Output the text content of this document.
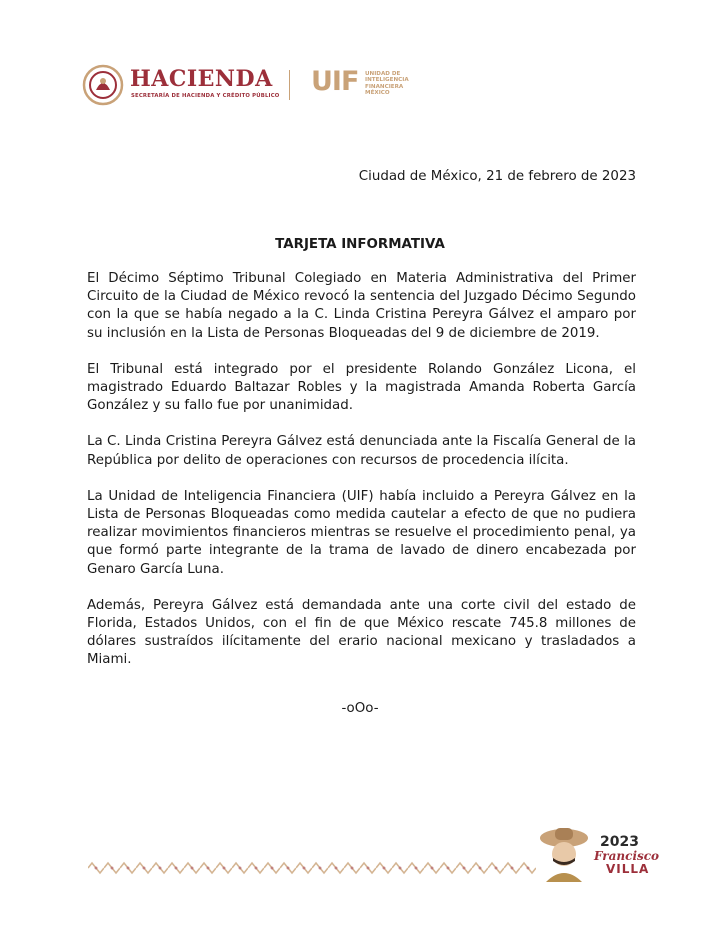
HACIENDA
SECRETARÍA DE HACIENDA Y CRÉDITO PÚBLICO UIF UNIDAD DE
INTELIGENCIA
FINANCIERA
MÉXICO
Ciudad de México, 21 de febrero de 2023
TARJETA INFORMATIVA

El Décimo Séptimo Tribunal Colegiado en Materia Administrativa del Primer Circuito de la Ciudad de México revocó la sentencia del Juzgado Décimo Segundo con la que se había negado a la C. Linda Cristina Pereyra Gálvez el amparo por su inclusión en la Lista de Personas Bloqueadas del 9 de diciembre de 2019.

El Tribunal está integrado por el presidente Rolando González Licona, el magistrado Eduardo Baltazar Robles y la magistrada Amanda Roberta García González y su fallo fue por unanimidad.

La C. Linda Cristina Pereyra Gálvez está denunciada ante la Fiscalía General de la República por delito de operaciones con recursos de procedencia ilícita.

La Unidad de Inteligencia Financiera (UIF) había incluido a Pereyra Gálvez en la Lista de Personas Bloqueadas como medida cautelar a efecto de que no pudiera realizar movimientos financieros mientras se resuelve el procedimiento penal, ya que formó parte integrante de la trama de lavado de dinero encabezada por Genaro García Luna.

Además, Pereyra Gálvez está demandada ante una corte civil del estado de Florida, Estados Unidos, con el fin de que México rescate 745.8 millones de dólares sustraídos ilícitamente del erario nacional mexicano y trasladados a Miami.

-oOo-
2023
Francisco
VILLA
